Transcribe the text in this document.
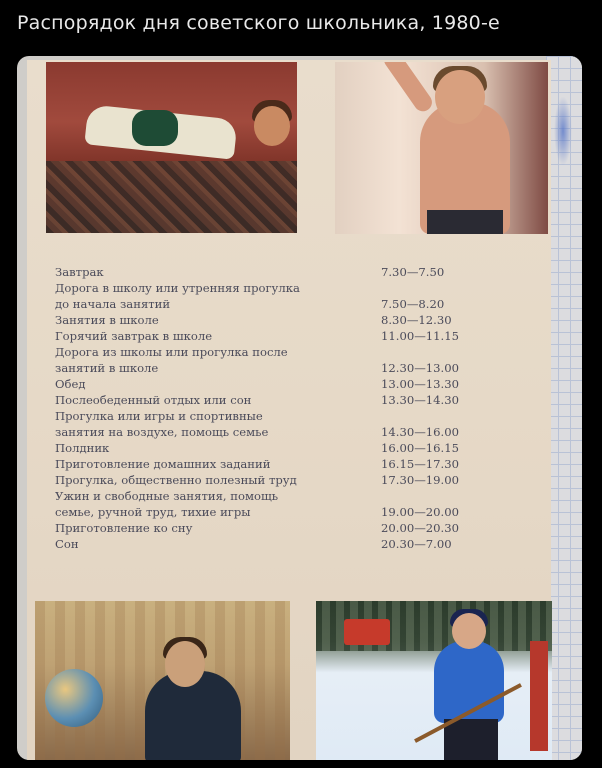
Распорядок дня советского школьника, 1980-е
Завтрак	7.30—7.50
Дорога в школу или утренняя прогулка
до начала занятий	7.50—8.20
Занятия в школе	8.30—12.30
Горячий завтрак в школе	11.00—11.15
Дорога из школы или прогулка после
занятий в школе	12.30—13.00
Обед	13.00—13.30
Послеобеденный отдых или сон	13.30—14.30
Прогулка или игры и спортивные
занятия на воздухе, помощь семье	14.30—16.00
Полдник	16.00—16.15
Приготовление домашних заданий	16.15—17.30
Прогулка, общественно полезный труд	17.30—19.00
Ужин и свободные занятия, помощь
семье, ручной труд, тихие игры	19.00—20.00
Приготовление ко сну	20.00—20.30
Сон	20.30—7.00
